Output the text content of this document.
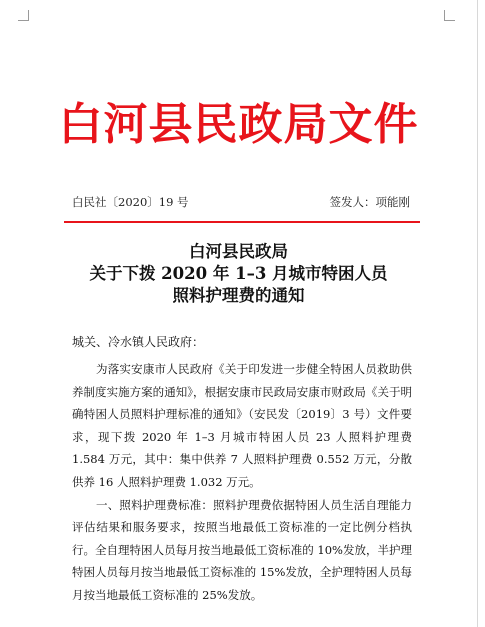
白河县民政局文件
白民社〔2020〕19 号	签发人：项能刚
白河县民政局
关于下拨 2020 年 1–3 月城市特困人员
照料护理费的通知
城关、冷水镇人民政府：

为落实安康市人民政府《关于印发进一步健全特困人员救助供养制度实施方案的通知》，根据安康市民政局安康市财政局《关于明确特困人员照料护理标准的通知》（安民发〔2019〕3 号）文件要求，现下拨 2020 年 1–3 月城市特困人员 23 人照料护理费 1.584 万元，其中：集中供养 7 人照料护理费 0.552 万元，分散供养 16 人照料护理费 1.032 万元。

一、照料护理费标准：照料护理费依据特困人员生活自理能力评估结果和服务要求，按照当地最低工资标准的一定比例分档执行。全自理特困人员每月按当地最低工资标准的 10%发放，半护理特困人员每月按当地最低工资标准的 15%发放，全护理特困人员每月按当地最低工资标准的 25%发放。
